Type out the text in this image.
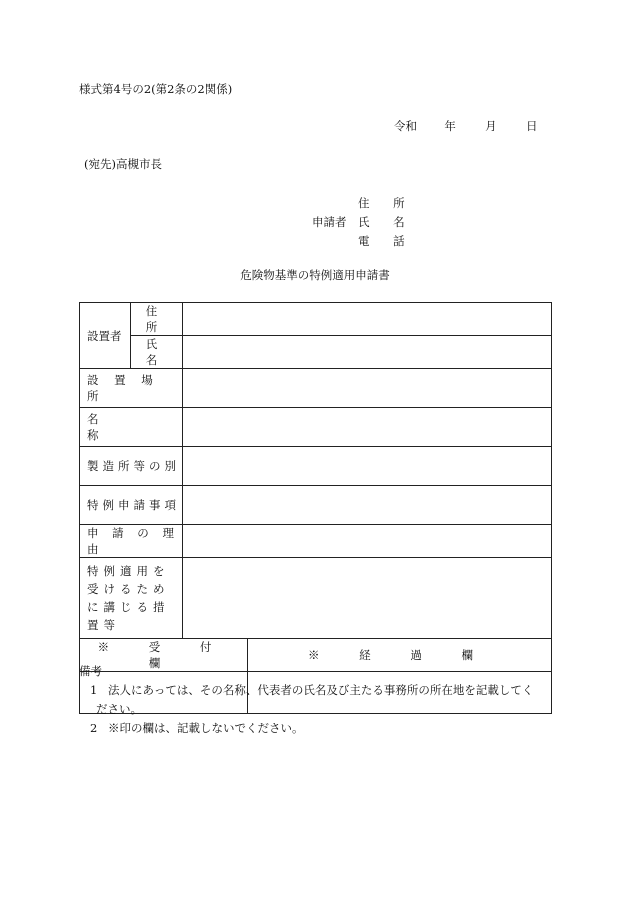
様式第4号の2(第2条の2関係)
令和 年	月	日
(宛先)高槻市長
住 所
申請者 氏 名
電 話
危険物基準の特例適用申請書
設置者	住 所		
	氏 名		
設 置 場 所			
名 称			
製造所等の別			
特例申請事項			
申 請 の 理 由			
特例適用を受けるために講じる措置等			
※ 受 付 欄			※ 経 過 欄

備考
1 法人にあっては、その名称、代表者の氏名及び主たる事務所の所在地を記載してく
ださい。
2 ※印の欄は、記載しないでください。
